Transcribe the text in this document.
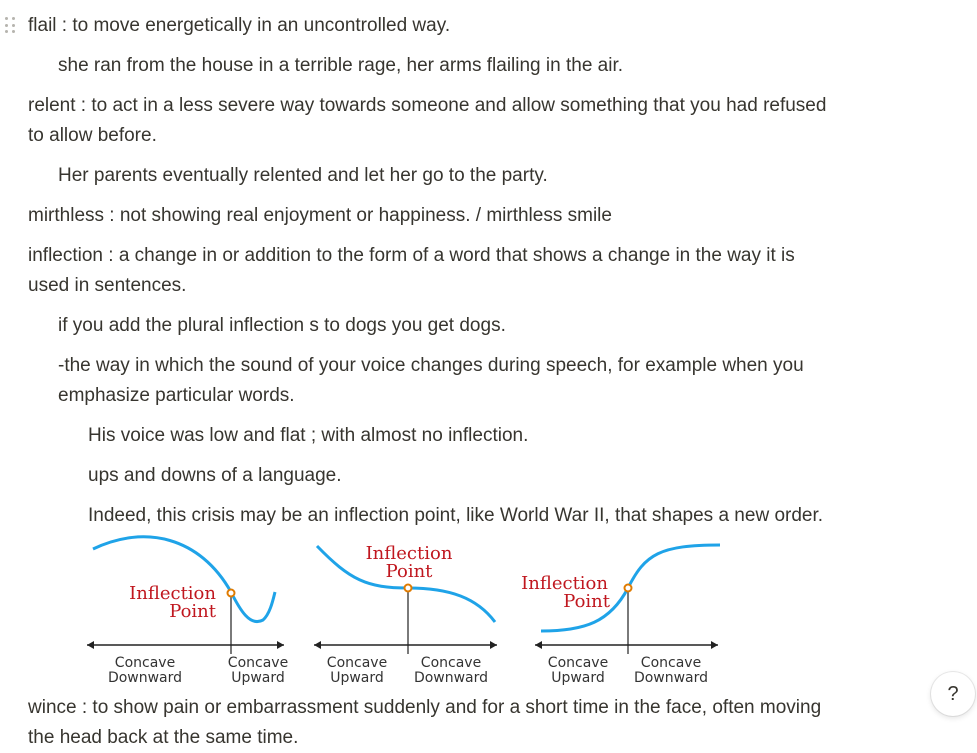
flail : to move energetically in an uncontrolled way.
she ran from the house in a terrible rage, her arms flailing in the air.
relent : to act in a less severe way towards someone and allow something that you had refused
to allow before.
Her parents eventually relented and let her go to the party.
mirthless : not showing real enjoyment or happiness. / mirthless smile
inflection : a change in or addition to the form of a word that shows a change in the way it is
used in sentences.
if you add the plural inflection s to dogs you get dogs.
-the way in which the sound of your voice changes during speech, for example when you
emphasize particular words.
His voice was low and flat ; with almost no inflection.
ups and downs of a language.
Indeed, this crisis may be an inflection point, like World War II, that shapes a new order.
Inflection
Point
Concave
Downward
Concave
Upward
Inflection
Point
Concave
Upward
Concave
Downward
Inflection
Point
Concave
Upward
Concave
Downward
wince : to show pain or embarrassment suddenly and for a short time in the face, often moving
the head back at the same time.
?
